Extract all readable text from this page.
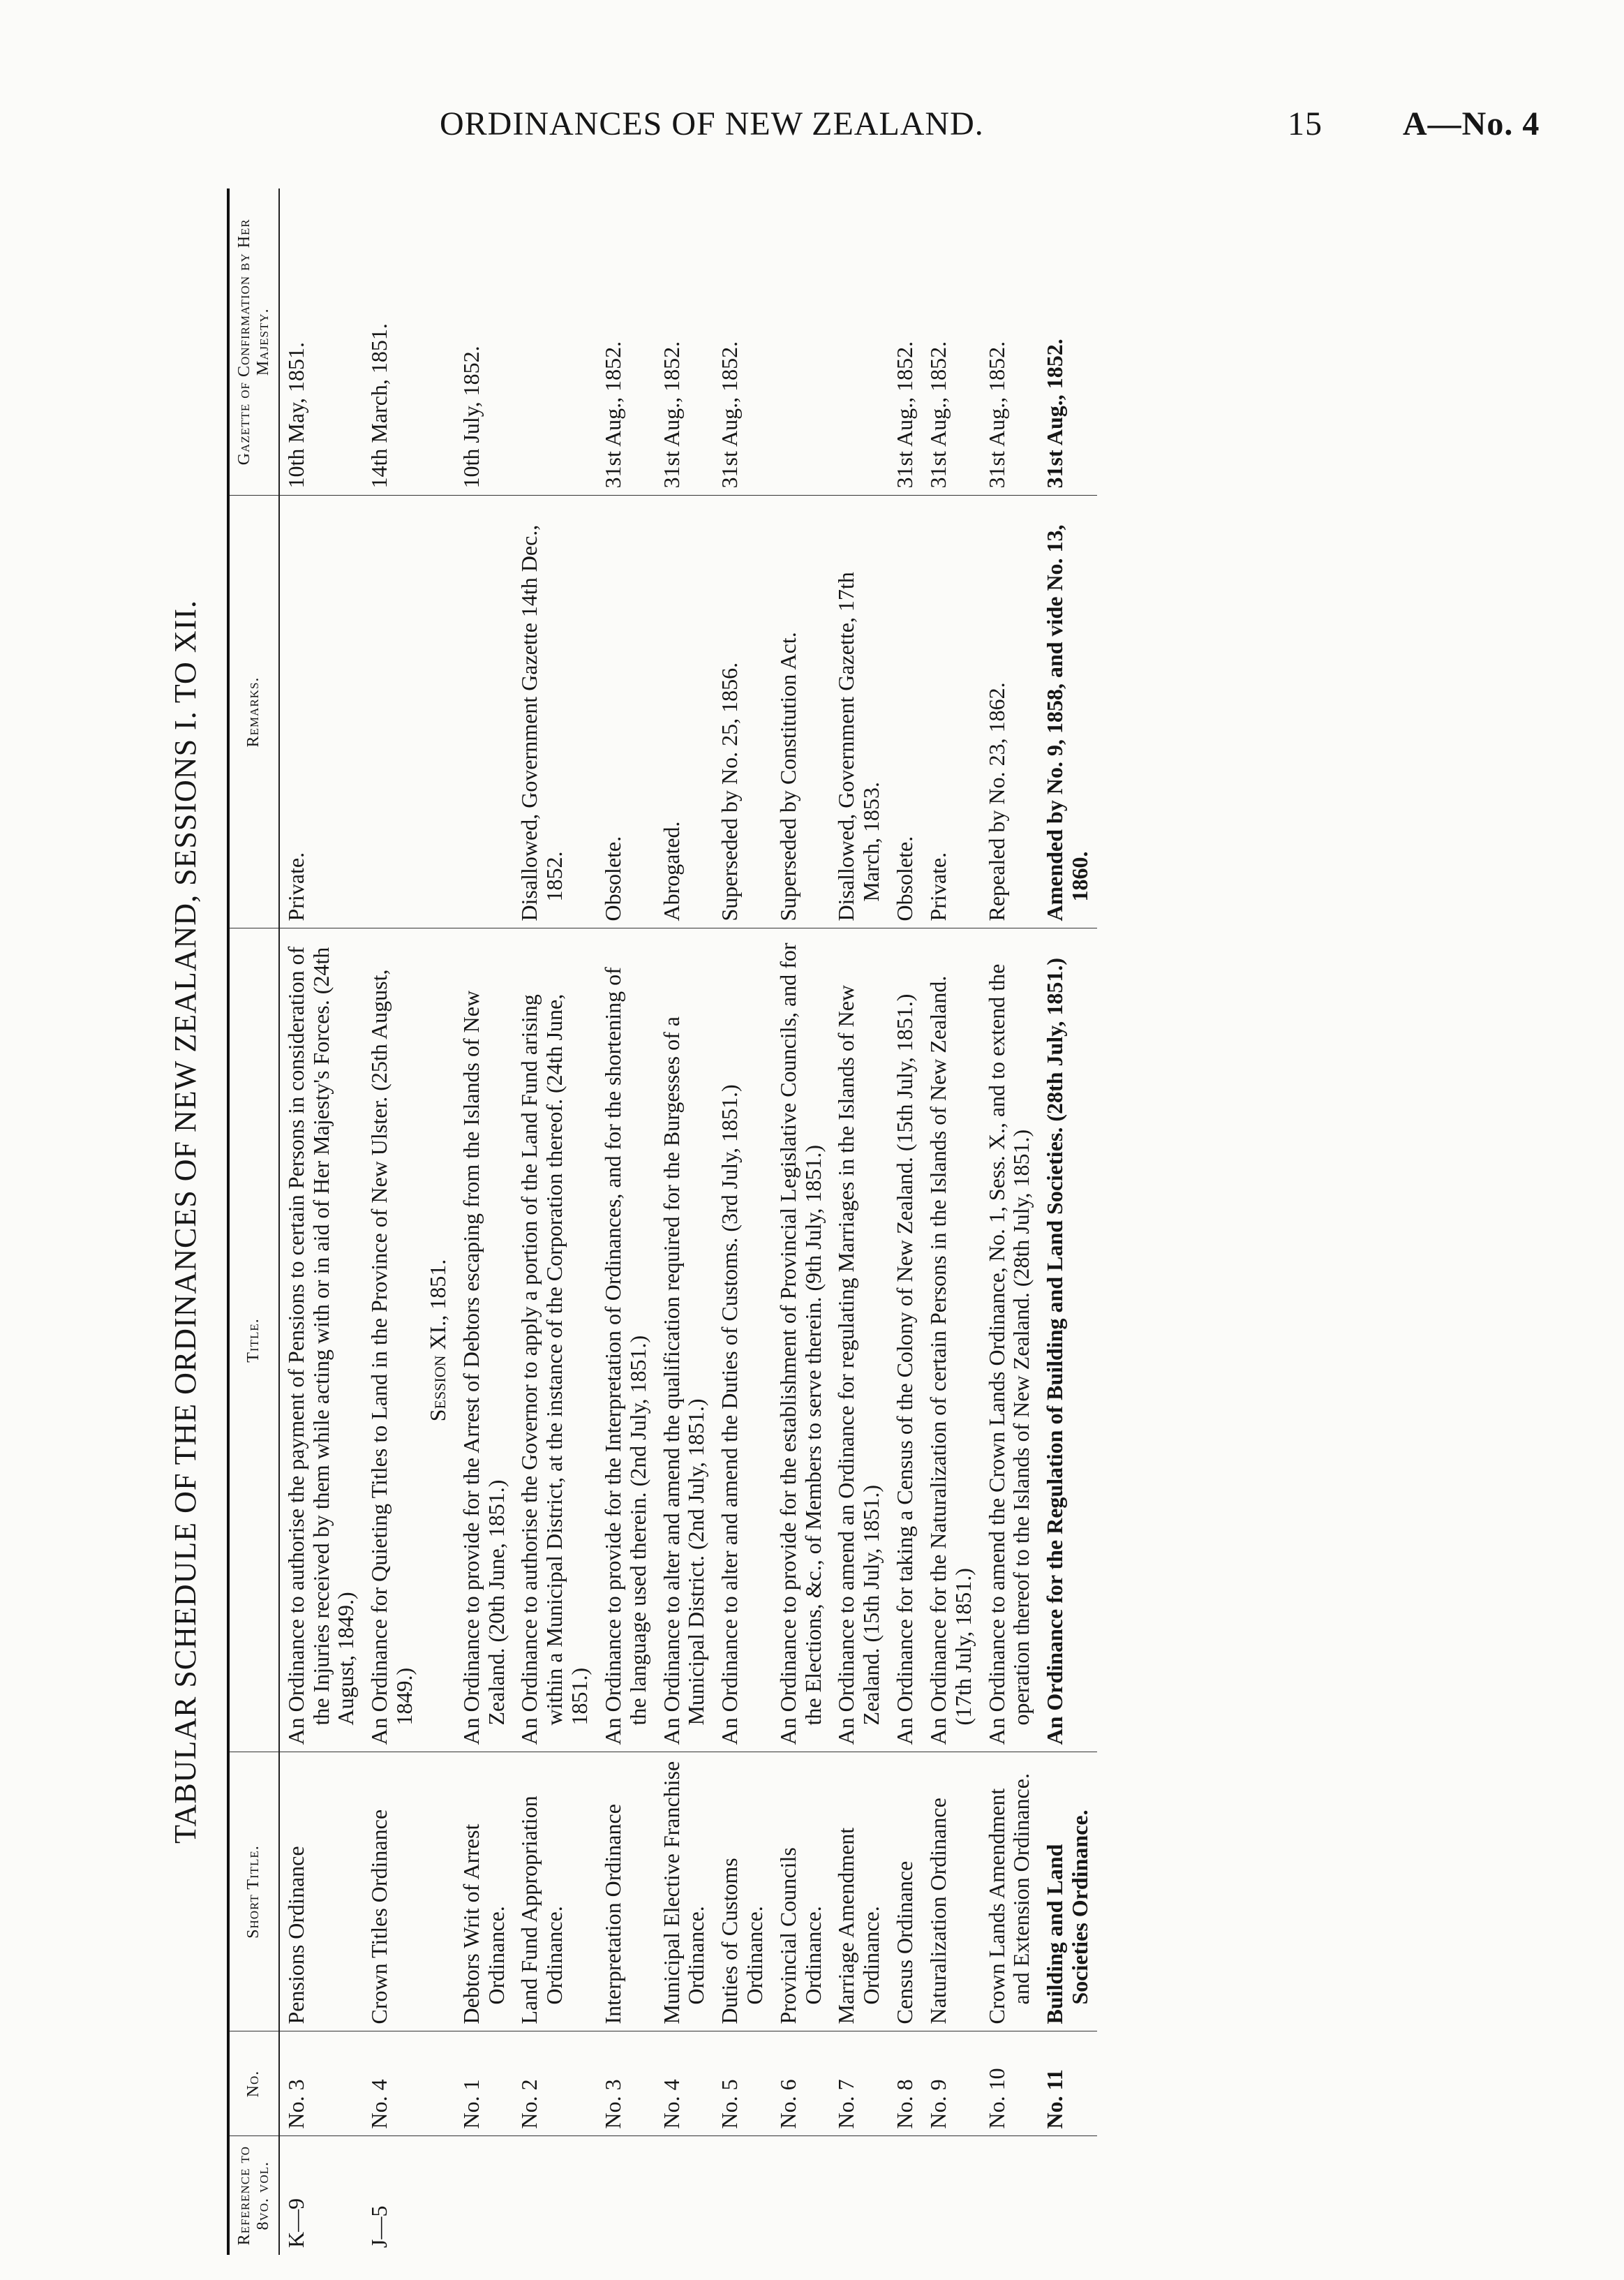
ORDINANCES OF NEW ZEALAND.	15 A—No. 4
TABULAR SCHEDULE OF THE ORDINANCES OF NEW ZEALAND, SESSIONS I. TO XII.
Reference to 8vo. vol.	No.	Short Title.	Title.	Remarks.	Gazette of Confirmation by Her Majesty.
K—9	No. 3	Pensions Ordinance	An Ordinance to authorise the payment of Pensions to certain Persons in consideration of the Injuries received by them while acting with or in aid of Her Majesty's Forces. (24th August, 1849.)	Private.	10th May, 1851.
J—5	No. 4	Crown Titles Ordinance	An Ordinance for Quieting Titles to Land in the Province of New Ulster. (25th August, 1849.)		14th March, 1851.
			Session XI., 1851.		
	No. 1	Debtors Writ of Arrest Ordinance.	An Ordinance to provide for the Arrest of Debtors escaping from the Islands of New Zealand. (20th June, 1851.)		10th July, 1852.
	No. 2	Land Fund Appropriation Ordinance.	An Ordinance to authorise the Governor to apply a portion of the Land Fund arising within a Municipal District, at the instance of the Corporation thereof. (24th June, 1851.)	Disallowed, Government Gazette 14th Dec., 1852.	
	No. 3	Interpretation Ordinance	An Ordinance to provide for the Interpretation of Ordinances, and for the shortening of the language used therein. (2nd July, 1851.)	Obsolete.	31st Aug., 1852.
	No. 4	Municipal Elective Franchise Ordinance.	An Ordinance to alter and amend the qualification required for the Burgesses of a Municipal District. (2nd July, 1851.)	Abrogated.	31st Aug., 1852.
	No. 5	Duties of Customs Ordinance.	An Ordinance to alter and amend the Duties of Customs. (3rd July, 1851.)	Superseded by No. 25, 1856.	31st Aug., 1852.
	No. 6	Provincial Councils Ordinance.	An Ordinance to provide for the establishment of Provincial Legislative Councils, and for the Elections, &c., of Members to serve therein. (9th July, 1851.)	Superseded by Constitution Act.	
	No. 7	Marriage Amendment Ordinance.	An Ordinance to amend an Ordinance for regulating Marriages in the Islands of New Zealand. (15th July, 1851.)	Disallowed, Government Gazette, 17th March, 1853.	
	No. 8	Census Ordinance	An Ordinance for taking a Census of the Colony of New Zealand. (15th July, 1851.)	Obsolete.	31st Aug., 1852.
	No. 9	Naturalization Ordinance	An Ordinance for the Naturalization of certain Persons in the Islands of New Zealand. (17th July, 1851.)	Private.	31st Aug., 1852.
	No. 10	Crown Lands Amendment and Extension Ordinance.	An Ordinance to amend the Crown Lands Ordinance, No. 1, Sess. X., and to extend the operation thereof to the Islands of New Zealand. (28th July, 1851.)	Repealed by No. 23, 1862.	31st Aug., 1852.
	No. 11	Building and Land Societies Ordinance.	An Ordinance for the Regulation of Building and Land Societies. (28th July, 1851.)	Amended by No. 9, 1858, and vide No. 13, 1860.	31st Aug., 1852.
